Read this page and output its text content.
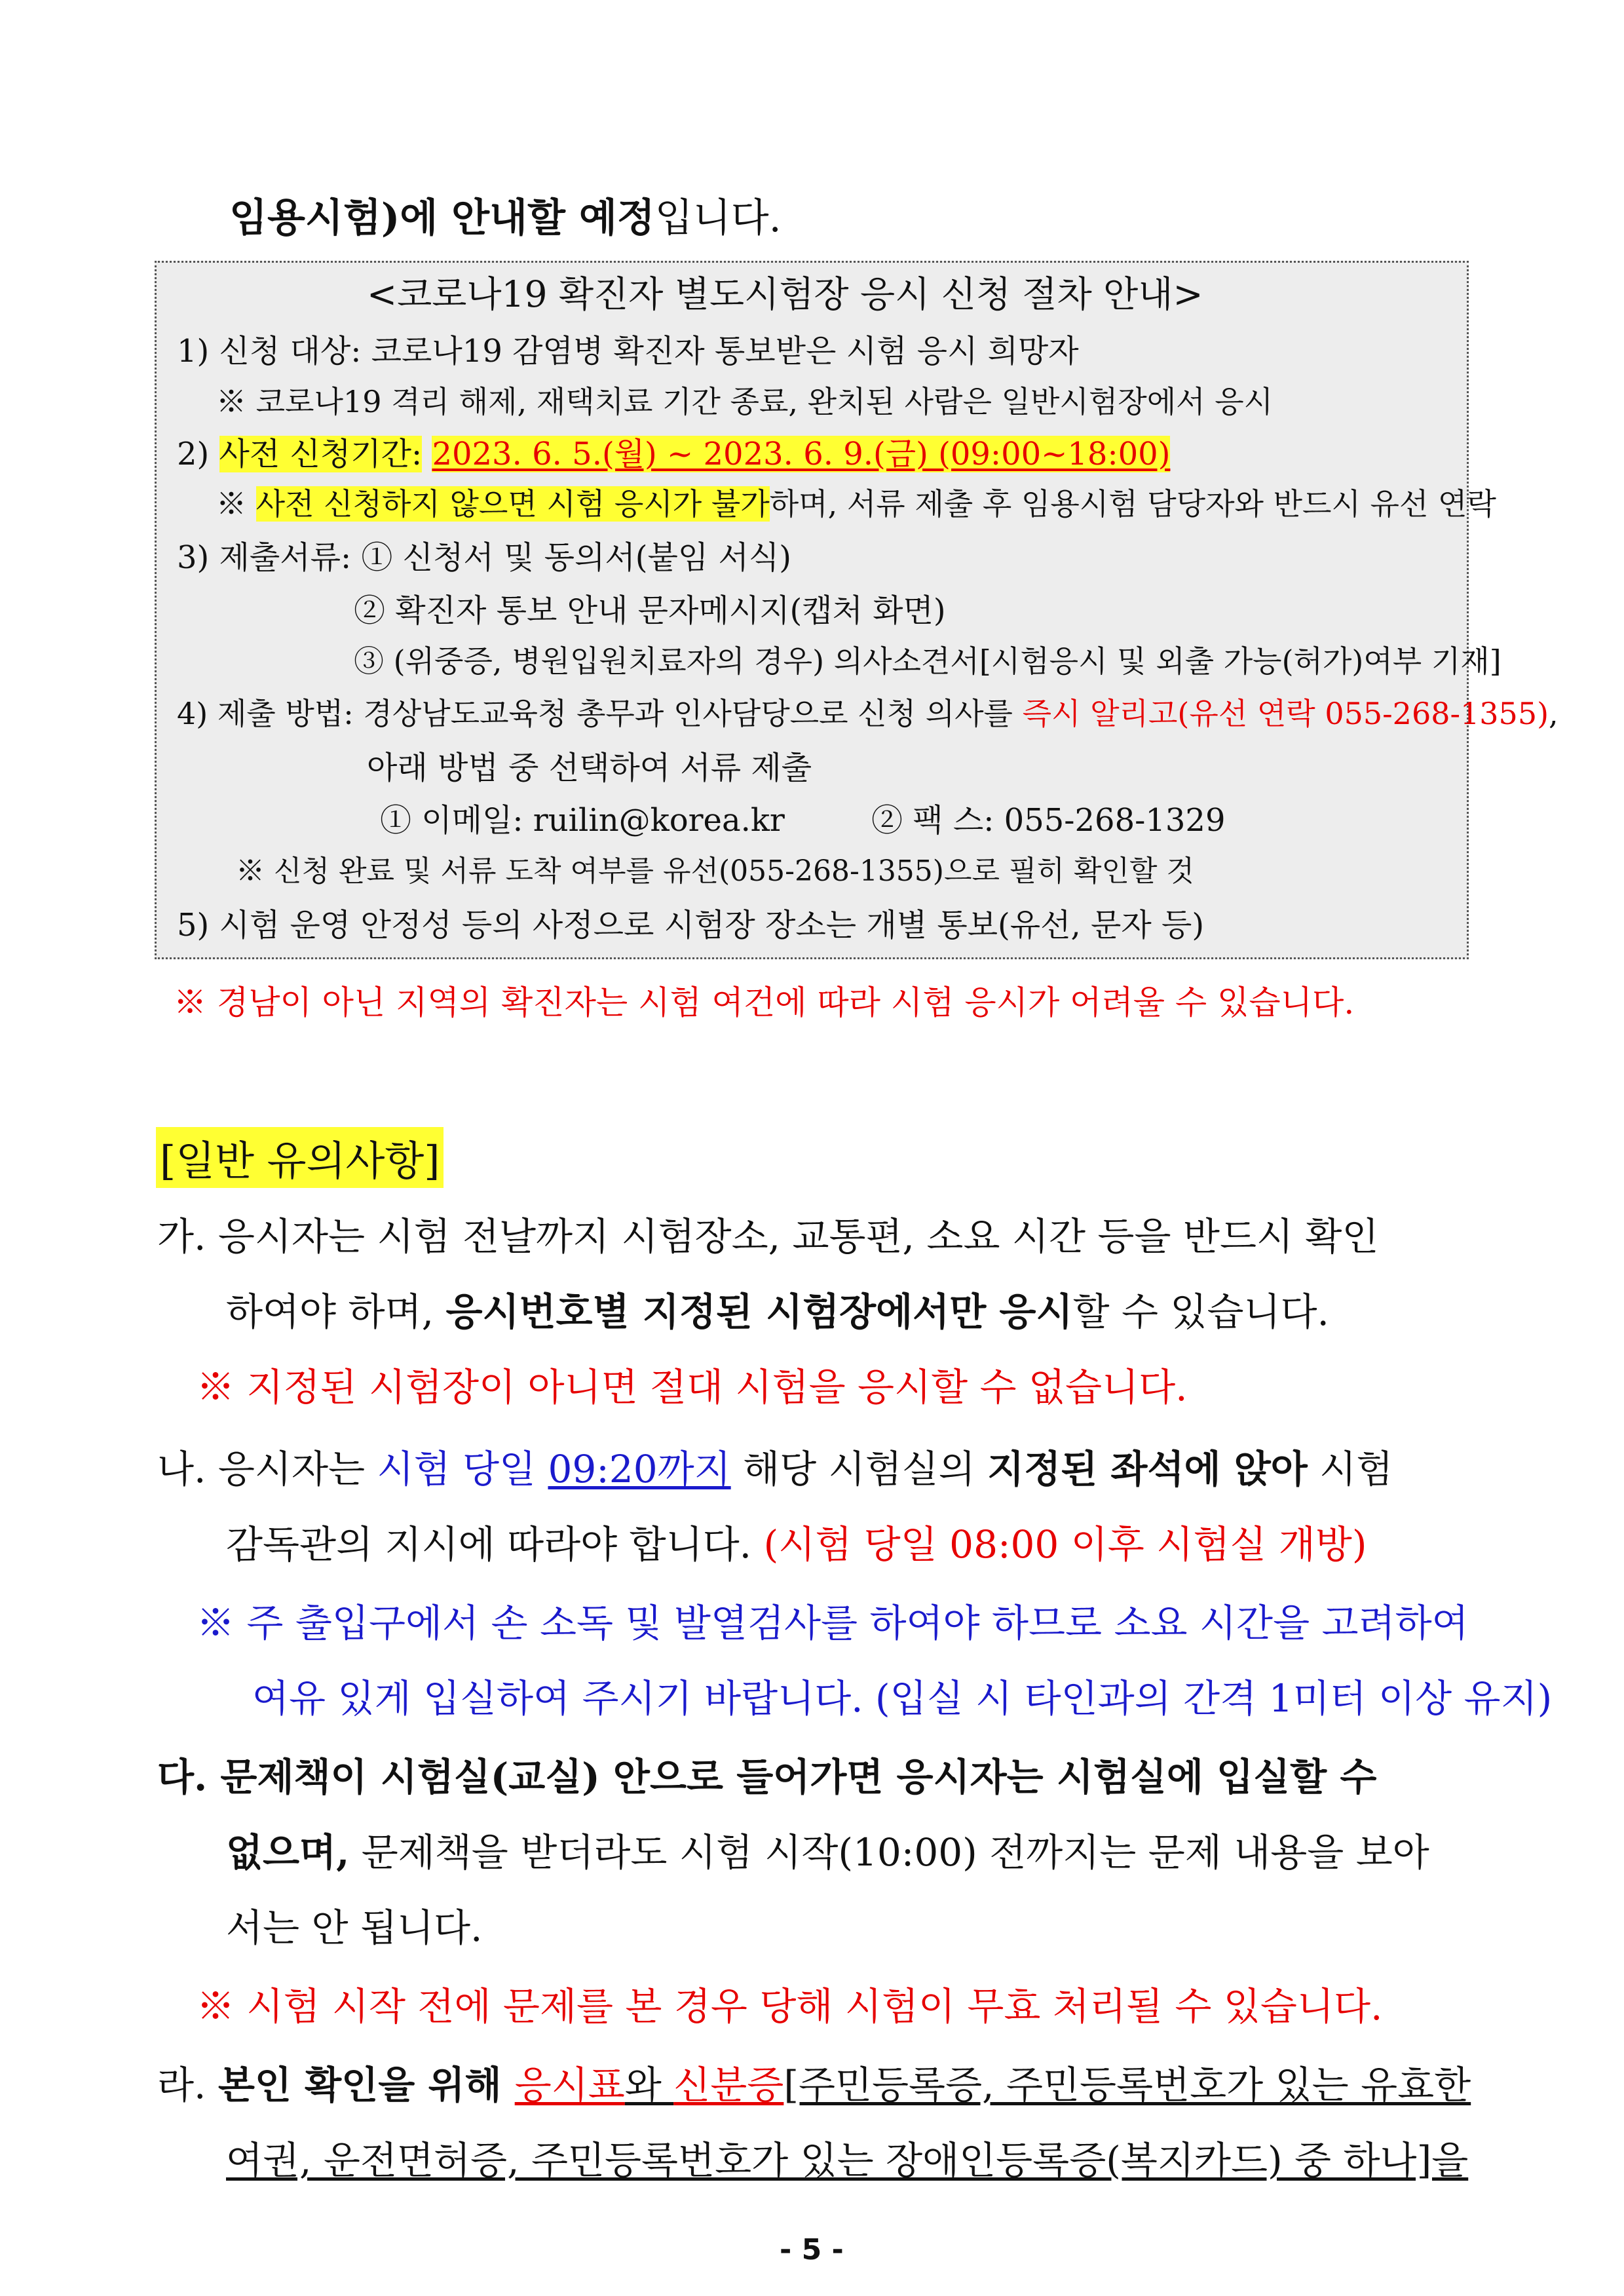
임용시험)에 안내할 예정입니다.
<코로나19 확진자 별도시험장 응시 신청 절차 안내>
1) 신청 대상: 코로나19 감염병 확진자 통보받은 시험 응시 희망자
※ 코로나19 격리 해제, 재택치료 기간 종료, 완치된 사람은 일반시험장에서 응시
2) 사전 신청기간: 2023. 6. 5.(월) ~ 2023. 6. 9.(금) (09:00~18:00)
※ 사전 신청하지 않으면 시험 응시가 불가하며, 서류 제출 후 임용시험 담당자와 반드시 유선 연락
3) 제출서류: ① 신청서 및 동의서(붙임 서식)
② 확진자 통보 안내 문자메시지(캡처 화면)
③ (위중증, 병원입원치료자의 경우) 의사소견서[시험응시 및 외출 가능(허가)여부 기재]
4) 제출 방법: 경상남도교육청 총무과 인사담당으로 신청 의사를 즉시 알리고(유선 연락 055-268-1355),
아래 방법 중 선택하여 서류 제출
① 이메일: ruilin@korea.kr	② 팩 스: 055-268-1329
※ 신청 완료 및 서류 도착 여부를 유선(055-268-1355)으로 필히 확인할 것
5) 시험 운영 안정성 등의 사정으로 시험장 장소는 개별 통보(유선, 문자 등)
※ 경남이 아닌 지역의 확진자는 시험 여건에 따라 시험 응시가 어려울 수 있습니다.
[일반 유의사항]
가. 응시자는 시험 전날까지 시험장소, 교통편, 소요 시간 등을 반드시 확인
하여야 하며, 응시번호별 지정된 시험장에서만 응시할 수 있습니다.
※ 지정된 시험장이 아니면 절대 시험을 응시할 수 없습니다.
나. 응시자는 시험 당일 09:20까지 해당 시험실의 지정된 좌석에 앉아 시험
감독관의 지시에 따라야 합니다. (시험 당일 08:00 이후 시험실 개방)
※ 주 출입구에서 손 소독 및 발열검사를 하여야 하므로 소요 시간을 고려하여
여유 있게 입실하여 주시기 바랍니다. (입실 시 타인과의 간격 1미터 이상 유지)
다. 문제책이 시험실(교실) 안으로 들어가면 응시자는 시험실에 입실할 수
없으며, 문제책을 받더라도 시험 시작(10:00) 전까지는 문제 내용을 보아
서는 안 됩니다.
※ 시험 시작 전에 문제를 본 경우 당해 시험이 무효 처리될 수 있습니다.
라. 본인 확인을 위해 응시표와 신분증[주민등록증, 주민등록번호가 있는 유효한
여권, 운전면허증, 주민등록번호가 있는 장애인등록증(복지카드) 중 하나]을
- 5 -
